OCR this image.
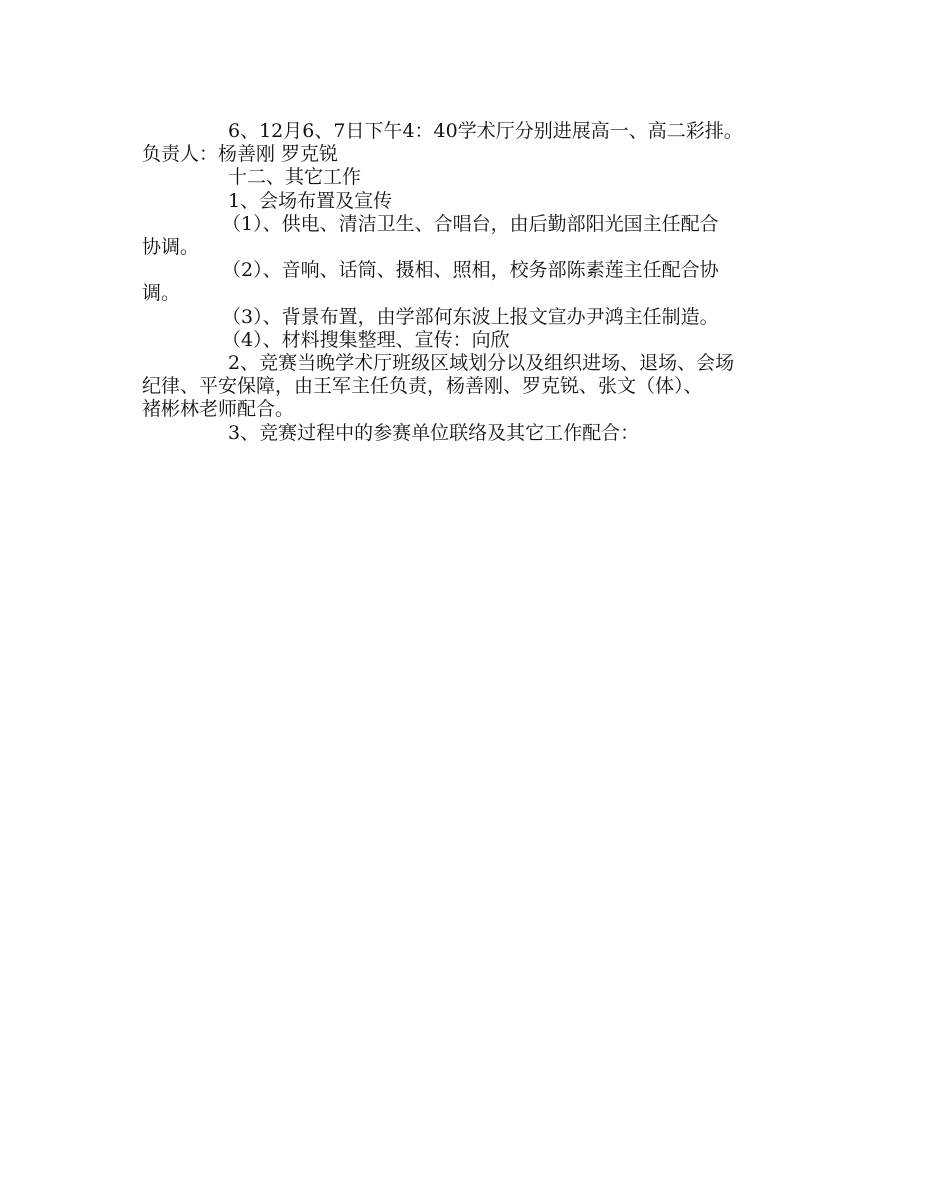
6、12月6、7日下午4：40学术厅分别进展高一、高二彩排。

负责人：杨善刚 罗克锐

十二、其它工作

1、会场布置及宣传

（1）、供电、清洁卫生、合唱台，由后勤部阳光国主任配合

协调。

（2）、音响、话筒、摄相、照相，校务部陈素莲主任配合协

调。

（3）、背景布置，由学部何东波上报文宣办尹鸿主任制造。

（4）、材料搜集整理、宣传：向欣

2、竞赛当晚学术厅班级区域划分以及组织进场、退场、会场

纪律、平安保障，由王军主任负责，杨善刚、罗克锐、张文（体）、

褚彬林老师配合。

3、竞赛过程中的参赛单位联络及其它工作配合：
